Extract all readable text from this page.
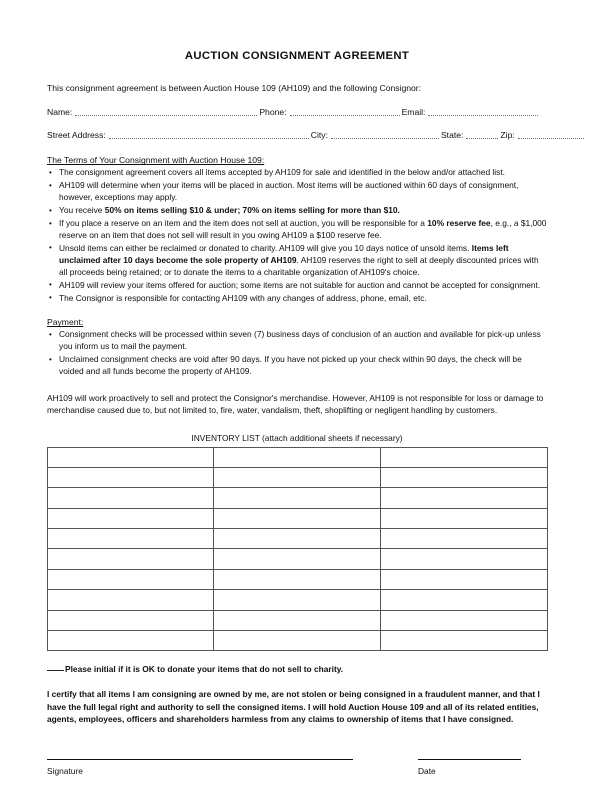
AUCTION CONSIGNMENT AGREEMENT
This consignment agreement is between Auction House 109 (AH109) and the following Consignor:
Name:	Phone:	Email:
Street Address:	City:	State:	Zip:
The Terms of Your Consignment with Auction House 109:
• The consignment agreement covers all items accepted by AH109 for sale and identified in the below and/or attached list.
• AH109 will determine when your items will be placed in auction. Most items will be auctioned within 60 days of consignment, however, exceptions may apply.
• You receive 50% on items selling $10 & under; 70% on items selling for more than $10.
• If you place a reserve on an item and the item does not sell at auction, you will be responsible for a 10% reserve fee, e.g., a $1,000 reserve on an item that does not sell will result in you owing AH109 a $100 reserve fee.
• Unsold items can either be reclaimed or donated to charity. AH109 will give you 10 days notice of unsold items. Items left unclaimed after 10 days become the sole property of AH109. AH109 reserves the right to sell at deeply discounted prices with all proceeds being retained; or to donate the items to a charitable organization of AH109's choice.
• AH109 will review your items offered for auction; some items are not suitable for auction and cannot be accepted for consignment.
• The Consignor is responsible for contacting AH109 with any changes of address, phone, email, etc.
Payment:
• Consignment checks will be processed within seven (7) business days of conclusion of an auction and available for pick-up unless you inform us to mail the payment.
• Unclaimed consignment checks are void after 90 days. If you have not picked up your check within 90 days, the check will be voided and all funds become the property of AH109.
AH109 will work proactively to sell and protect the Consignor's merchandise. However, AH109 is not responsible for loss or damage to merchandise caused due to, but not limited to, fire, water, vandalism, theft, shoplifting or negligent handling by customers.
INVENTORY LIST (attach additional sheets if necessary)

Please initial if it is OK to donate your items that do not sell to charity.
I certify that all items I am consigning are owned by me, are not stolen or being consigned in a fraudulent manner, and that I have the full legal right and authority to sell the consigned items. I will hold Auction House 109 and all of its related entities, agents, employees, officers and shareholders harmless from any claims to ownership of items that I have consigned.
Signature	Date
